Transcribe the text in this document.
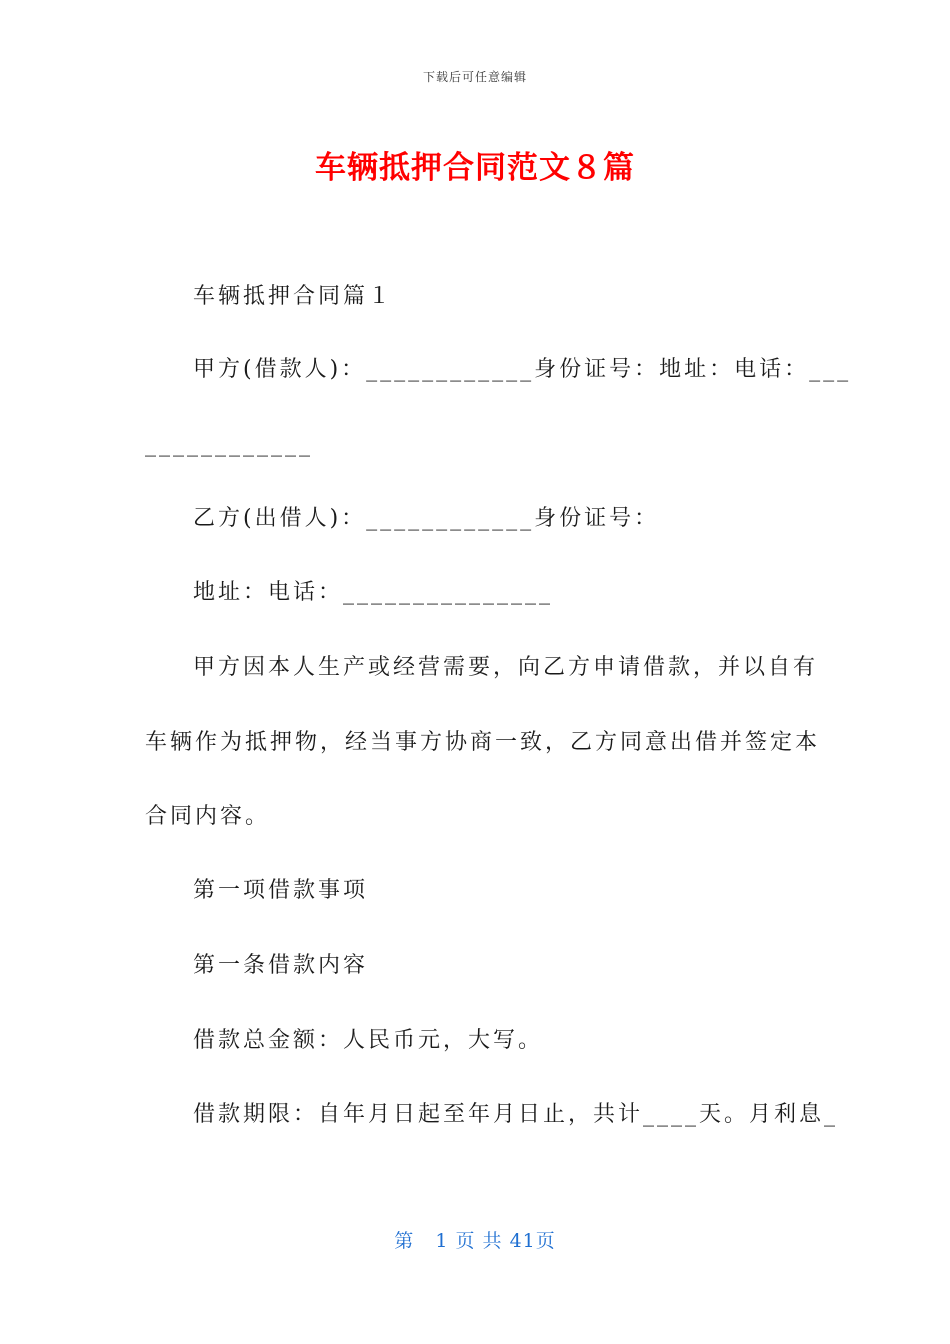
下载后可任意编辑
车辆抵押合同范文８篇
车辆抵押合同篇１
甲方(借款人)：____________身份证号：地址：电话：___
____________
乙方(出借人)：____________身份证号：
地址：电话：_______________
甲方因本人生产或经营需要，向乙方申请借款，并以自有
车辆作为抵押物，经当事方协商一致，乙方同意出借并签定本
合同内容。
第一项借款事项
第一条借款内容
借款总金额：人民币元，大写。
借款期限：自年月日起至年月日止，共计____天。月利息_
第 1 页 共 41页
